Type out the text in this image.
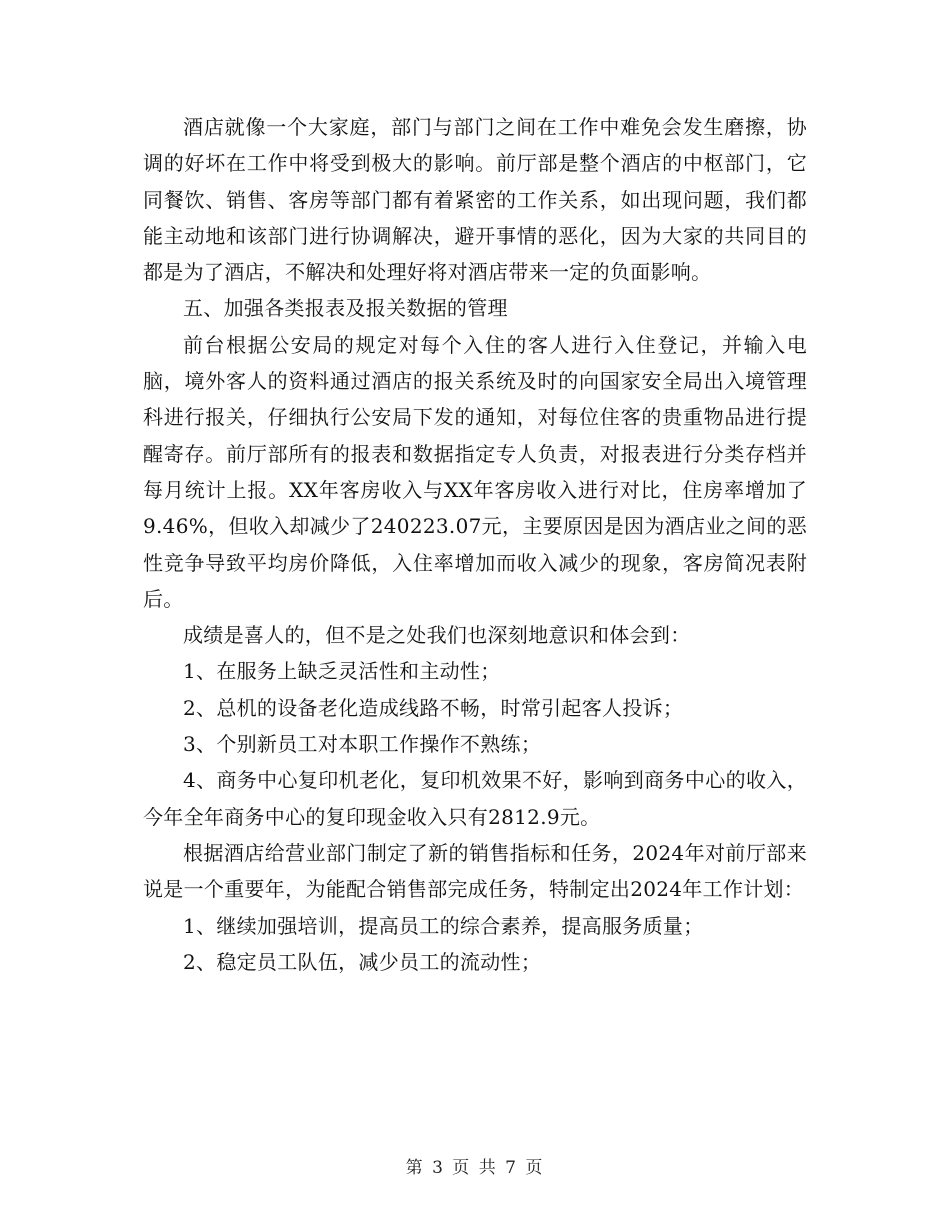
酒店就像一个大家庭，部门与部门之间在工作中难免会发生磨擦，协调的好坏在工作中将受到极大的影响。前厅部是整个酒店的中枢部门，它同餐饮、销售、客房等部门都有着紧密的工作关系，如出现问题，我们都能主动地和该部门进行协调解决，避开事情的恶化，因为大家的共同目的都是为了酒店，不解决和处理好将对酒店带来一定的负面影响。

五、加强各类报表及报关数据的管理

前台根据公安局的规定对每个入住的客人进行入住登记，并输入电脑，境外客人的资料通过酒店的报关系统及时的向国家安全局出入境管理科进行报关，仔细执行公安局下发的通知，对每位住客的贵重物品进行提醒寄存。前厅部所有的报表和数据指定专人负责，对报表进行分类存档并每月统计上报。XX年客房收入与XX年客房收入进行对比，住房率增加了9.46%，但收入却减少了240223.07元，主要原因是因为酒店业之间的恶性竞争导致平均房价降低，入住率增加而收入减少的现象，客房简况表附后。

成绩是喜人的，但不是之处我们也深刻地意识和体会到：

1、在服务上缺乏灵活性和主动性；

2、总机的设备老化造成线路不畅，时常引起客人投诉；

3、个别新员工对本职工作操作不熟练；

4、商务中心复印机老化，复印机效果不好，影响到商务中心的收入，今年全年商务中心的复印现金收入只有2812.9元。

根据酒店给营业部门制定了新的销售指标和任务，2024年对前厅部来说是一个重要年，为能配合销售部完成任务，特制定出2024年工作计划：

1、继续加强培训，提高员工的综合素养，提高服务质量；

2、稳定员工队伍，减少员工的流动性；

第 3 页 共 7 页
